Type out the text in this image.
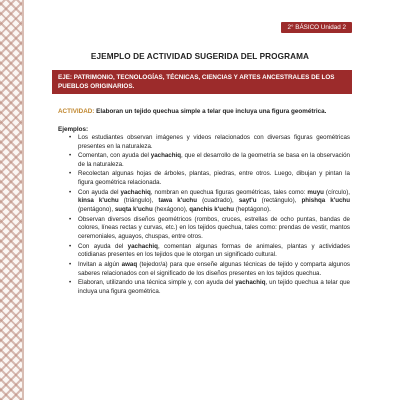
2° BÁSICO Unidad 2
EJEMPLO DE ACTIVIDAD SUGERIDA DEL PROGRAMA
EJE: PATRIMONIO, TECNOLOGÍAS, TÉCNICAS, CIENCIAS Y ARTES ANCESTRALES DE LOS PUEBLOS ORIGINARIOS.
ACTIVIDAD: Elaboran un tejido quechua simple a telar que incluya una figura geométrica.
Ejemplos:
• Los estudiantes observan imágenes y videos relacionados con diversas figuras geométricas presentes en la naturaleza.
• Comentan, con ayuda del yachachiq, que el desarrollo de la geometría se basa en la observación de la naturaleza.
• Recolectan algunas hojas de árboles, plantas, piedras, entre otros. Luego, dibujan y pintan la figura geométrica relacionada.
• Con ayuda del yachachiq, nombran en quechua figuras geométricas, tales como: muyu (círculo), kinsa k'uchu (triángulo), tawa k'uchu (cuadrado), sayt'u (rectángulo), phishqa k'uchu (pentágono), suqta k'uchu (hexágono), qanchis k'uchu (heptágono).
• Observan diversos diseños geométricos (rombos, cruces, estrellas de ocho puntas, bandas de colores, líneas rectas y curvas, etc.) en los tejidos quechua, tales como: prendas de vestir, mantos ceremoniales, aguayos, chuspas, entre otros.
• Con ayuda del yachachiq, comentan algunas formas de animales, plantas y actividades cotidianas presentes en los tejidos que le otorgan un significado cultural.
• Invitan a algún awaq (tejedor/a) para que enseñe algunas técnicas de tejido y comparta algunos saberes relacionados con el significado de los diseños presentes en los tejidos quechua.
• Elaboran, utilizando una técnica simple y, con ayuda del yachachiq, un tejido quechua a telar que incluya una figura geométrica.
